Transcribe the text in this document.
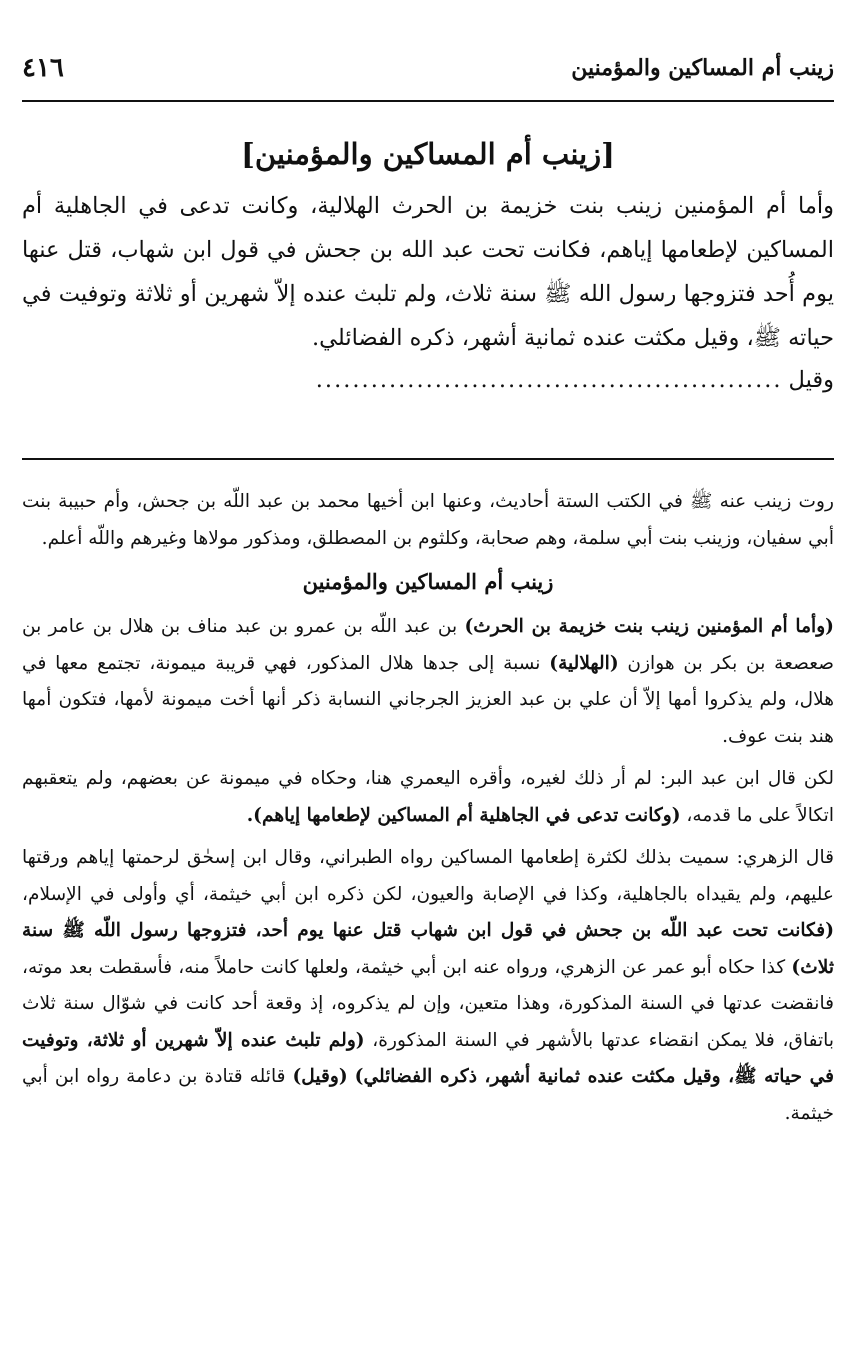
٤١٦	زينب أم المساكين والمؤمنين
[زينب أم المساكين والمؤمنين]

وأما أم المؤمنين زينب بنت خزيمة بن الحرث الهلالية، وكانت تدعى في الجاهلية أم المساكين لإطعامها إياهم، فكانت تحت عبد الله بن جحش في قول ابن شهاب، قتل عنها يوم أُحد فتزوجها رسول الله ﷺ سنة ثلاث، ولم تلبث عنده إلاّ شهرين أو ثلاثة وتوفيت في حياته ﷺ، وقيل مكثت عنده ثمانية أشهر، ذكره الفضائلي.

وقيل
...................................................

روت زينب عنه ﷺ في الكتب الستة أحاديث، وعنها ابن أخيها محمد بن عبد اللّه بن جحش، وأم حبيبة بنت أبي سفيان، وزينب بنت أبي سلمة، وهم صحابة، وكلثوم بن المصطلق، ومذكور مولاها وغيرهم واللّه أعلم.

زينب أم المساكين والمؤمنين

(وأما أم المؤمنين زينب بنت خزيمة بن الحرث) بن عبد اللّه بن عمرو بن عبد مناف بن هلال بن عامر بن صعصعة بن بكر بن هوازن (الهلالية) نسبة إلى جدها هلال المذكور، فهي قريبة ميمونة، تجتمع معها في هلال، ولم يذكروا أمها إلاّ أن علي بن عبد العزيز الجرجاني النسابة ذكر أنها أخت ميمونة لأمها، فتكون أمها هند بنت عوف.

لكن قال ابن عبد البر: لم أر ذلك لغيره، وأقره اليعمري هنا، وحكاه في ميمونة عن بعضهم، ولم يتعقبهم اتكالاً على ما قدمه، (وكانت تدعى في الجاهلية أم المساكين لإطعامها إياهم).

قال الزهري: سميت بذلك لكثرة إطعامها المساكين رواه الطبراني، وقال ابن إسحٰق لرحمتها إياهم ورقتها عليهم، ولم يقيداه بالجاهلية، وكذا في الإصابة والعيون، لكن ذكره ابن أبي خيثمة، أي وأولى في الإسلام، (فكانت تحت عبد اللّه بن جحش في قول ابن شهاب قتل عنها يوم أحد، فتزوجها رسول اللّه ﷺ سنة ثلاث) كذا حكاه أبو عمر عن الزهري، ورواه عنه ابن أبي خيثمة، ولعلها كانت حاملاً منه، فأسقطت بعد موته، فانقضت عدتها في السنة المذكورة، وهذا متعين، وإن لم يذكروه، إذ وقعة أحد كانت في شوّال سنة ثلاث باتفاق، فلا يمكن انقضاء عدتها بالأشهر في السنة المذكورة، (ولم تلبث عنده إلاّ شهرين أو ثلاثة، وتوفيت في حياته ﷺ، وقيل مكثت عنده ثمانية أشهر، ذكره الفضائلي) (وقيل) قائله قتادة بن دعامة رواه ابن أبي خيثمة.
